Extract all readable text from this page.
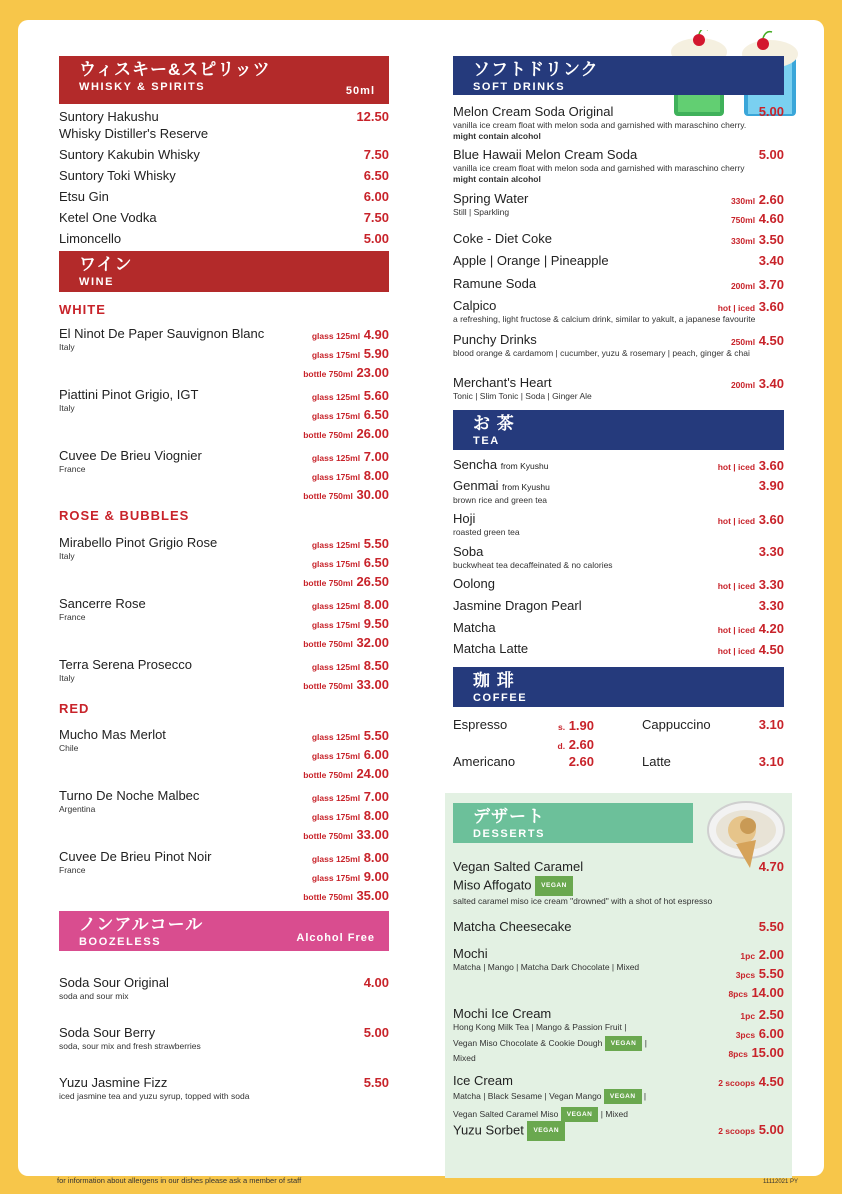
ウィスキー&スピリッツ
WHISKY & SPIRITS	50ml
Suntory Hakushu
Whisky Distiller's Reserve
12.50
Suntory Kakubin Whisky	7.50
Suntory Toki Whisky	6.50
Etsu Gin	6.00
Ketel One Vodka	7.50
Limoncello	5.00
ワイン
WINE
WHITE
El Ninot De Paper Sauvignon Blanc
Italy
glass 125ml 4.90
glass 175ml 5.90
bottle 750ml 23.00
Piattini Pinot Grigio, IGT
Italy
glass 125ml 5.60
glass 175ml 6.50
bottle 750ml 26.00
Cuvee De Brieu Viognier
France
glass 125ml 7.00
glass 175ml 8.00
bottle 750ml 30.00
ROSE & BUBBLES
Mirabello Pinot Grigio Rose
Italy
glass 125ml 5.50
glass 175ml 6.50
bottle 750ml 26.50
Sancerre Rose
France
glass 125ml 8.00
glass 175ml 9.50
bottle 750ml 32.00
Terra Serena Prosecco
Italy
glass 125ml 8.50
bottle 750ml 33.00
RED
Mucho Mas Merlot
Chile
glass 125ml 5.50
glass 175ml 6.00
bottle 750ml 24.00
Turno De Noche Malbec
Argentina
glass 125ml 7.00
glass 175ml 8.00
bottle 750ml 33.00
Cuvee De Brieu Pinot Noir
France
glass 125ml 8.00
glass 175ml 9.00
bottle 750ml 35.00
ノンアルコール
BOOZELESS	Alcohol Free
Soda Sour Original
soda and sour mix
4.00
Soda Sour Berry
soda, sour mix and fresh strawberries
5.00
Yuzu Jasmine Fizz
iced jasmine tea and yuzu syrup, topped with soda
5.50
ソフトドリンク
SOFT DRINKS
Melon Cream Soda Original
vanilla ice cream float with melon soda and garnished with maraschino cherry. might contain alcohol
5.00
Blue Hawaii Melon Cream Soda
vanilla ice cream float with melon soda and garnished with maraschino cherry might contain alcohol
5.00
Spring Water
Still | Sparkling
330ml 2.60
750ml 4.60
Coke - Diet Coke	330ml 3.50
Apple | Orange | Pineapple	3.40
Ramune Soda	200ml 3.70
Calpico
a refreshing, light fructose & calcium drink, similar to yakult, a japanese favourite
hot | iced 3.60
Punchy Drinks
blood orange & cardamom | cucumber, yuzu & rosemary | peach, ginger & chai
250ml 4.50
Merchant's Heart
Tonic | Slim Tonic | Soda | Ginger Ale
200ml 3.40
お 茶
TEA
Sencha from Kyushu	hot | iced 3.60
Genmai from Kyushu
brown rice and green tea
3.90
Hoji
roasted green tea
hot | iced 3.60
Soba
buckwheat tea decaffeinated & no calories
3.30
Oolong	hot | iced 3.30
Jasmine Dragon Pearl	3.30
Matcha	hot | iced 4.20
Matcha Latte	hot | iced 4.50
珈 琲
COFFEE
Espresso	s. 1.90
d. 2.60
Cappuccino	3.10
Americano	2.60	Latte	3.10
デザート
DESSERTS
Vegan Salted Caramel
Miso Affogato VEGAN
salted caramel miso ice cream "drowned" with a shot of hot espresso
4.70
Matcha Cheesecake	5.50
Mochi
Matcha | Mango | Matcha Dark Chocolate | Mixed
1pc 2.00
3pcs 5.50
8pcs 14.00
Mochi Ice Cream
Hong Kong Milk Tea | Mango & Passion Fruit |
Vegan Miso Chocolate & Cookie Dough VEGAN |
Mixed
1pc 2.50
3pcs 6.00
8pcs 15.00
Ice Cream
Matcha | Black Sesame | Vegan Mango VEGAN |
Vegan Salted Caramel Miso VEGAN | Mixed
2 scoops 4.50
Yuzu Sorbet VEGAN	2 scoops 5.00
for information about allergens in our dishes please ask a member of staff	11112021 PY
